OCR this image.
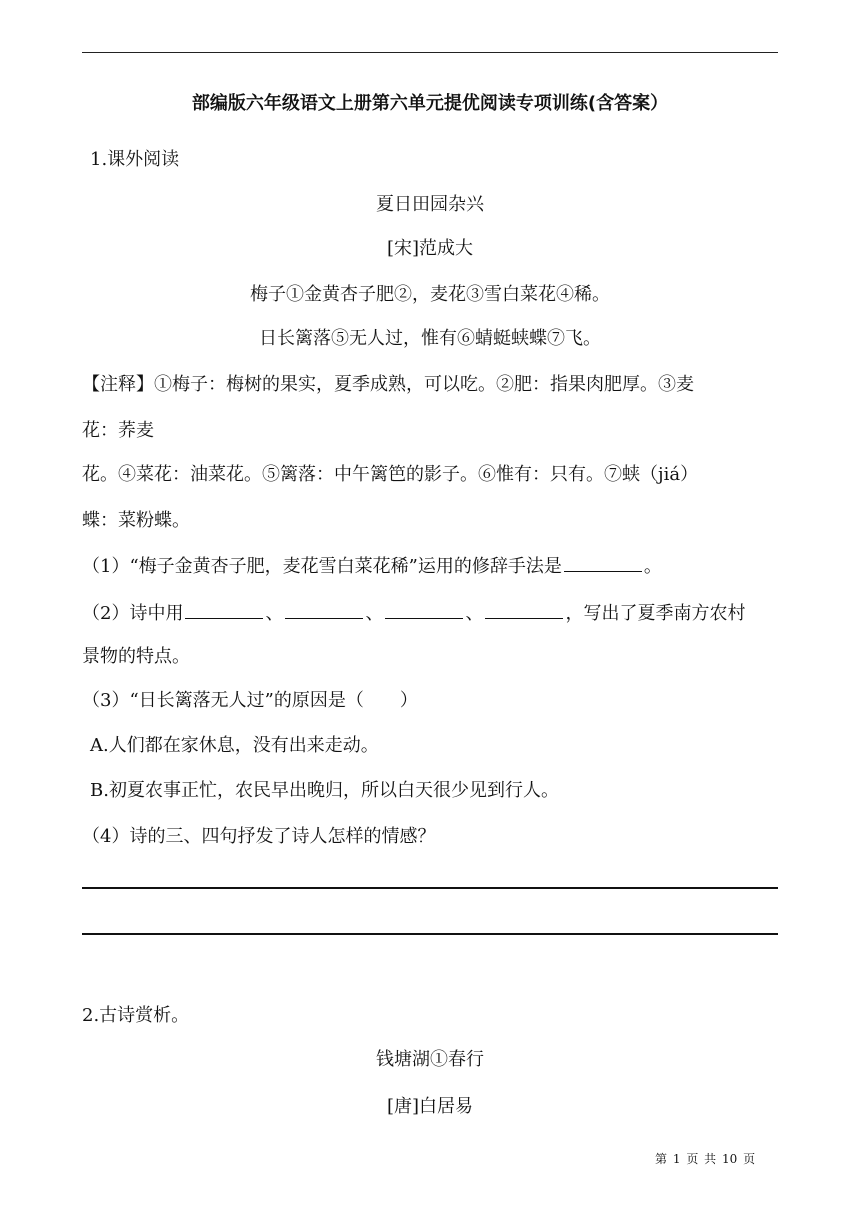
部编版六年级语文上册第六单元提优阅读专项训练(含答案）
1.课外阅读
夏日田园杂兴
[宋]范成大
梅子①金黄杏子肥②，麦花③雪白菜花④稀。
日长篱落⑤无人过，惟有⑥蜻蜓蛱蝶⑦飞。
【注释】①梅子：梅树的果实，夏季成熟，可以吃。②肥：指果肉肥厚。③麦
花：荞麦
花。④菜花：油菜花。⑤篱落：中午篱笆的影子。⑥惟有：只有。⑦蛱（jiá）
蝶：菜粉蝶。
（1）“梅子金黄杏子肥，麦花雪白菜花稀”运用的修辞手法是	。
（2）诗中用	、	、	、	，写出了夏季南方农村
景物的特点。
（3）“日长篱落无人过”的原因是（　　）
A.人们都在家休息，没有出来走动。
B.初夏农事正忙，农民早出晚归，所以白天很少见到行人。
（4）诗的三、四句抒发了诗人怎样的情感？
2.古诗赏析。
钱塘湖①春行
[唐]白居易
第 1 页 共 10 页
